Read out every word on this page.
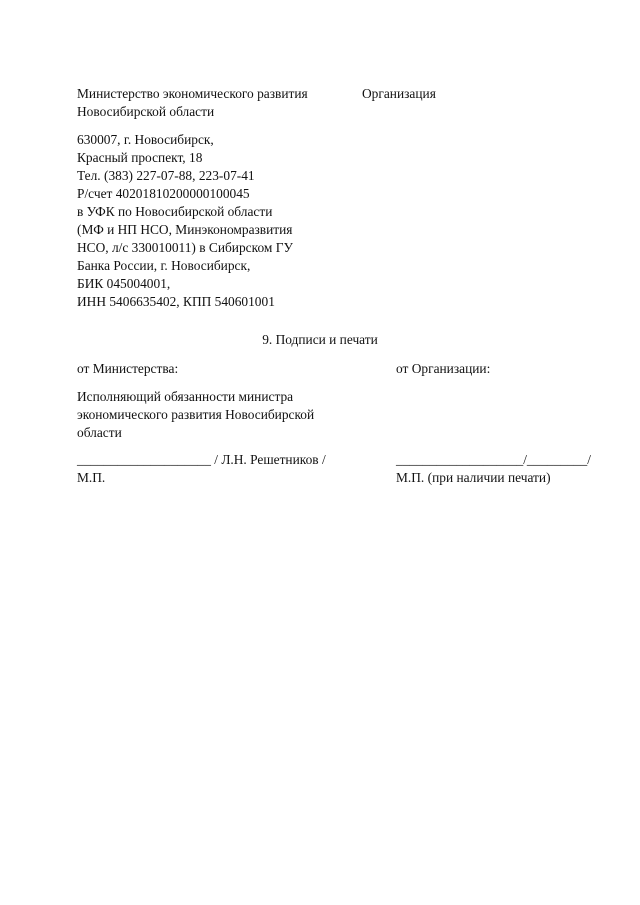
Министерство экономического развития
Новосибирской области
Организация
630007, г. Новосибирск,
Красный проспект, 18
Тел. (383) 227-07-88, 223-07-41
Р/счет 40201810200000100045
в УФК по Новосибирской области
(МФ и НП НСО, Минэкономразвития
НСО, л/с 330010011) в Сибирском ГУ
Банка России, г. Новосибирск,
БИК 045004001,
ИНН 5406635402, КПП 540601001
9. Подписи и печати
от Министерства:	от Организации:
Исполняющий обязанности министра
экономического развития Новосибирской
области
____________________ / Л.Н. Решетников /	___________________/_________/
М.П.	М.П. (при наличии печати)
